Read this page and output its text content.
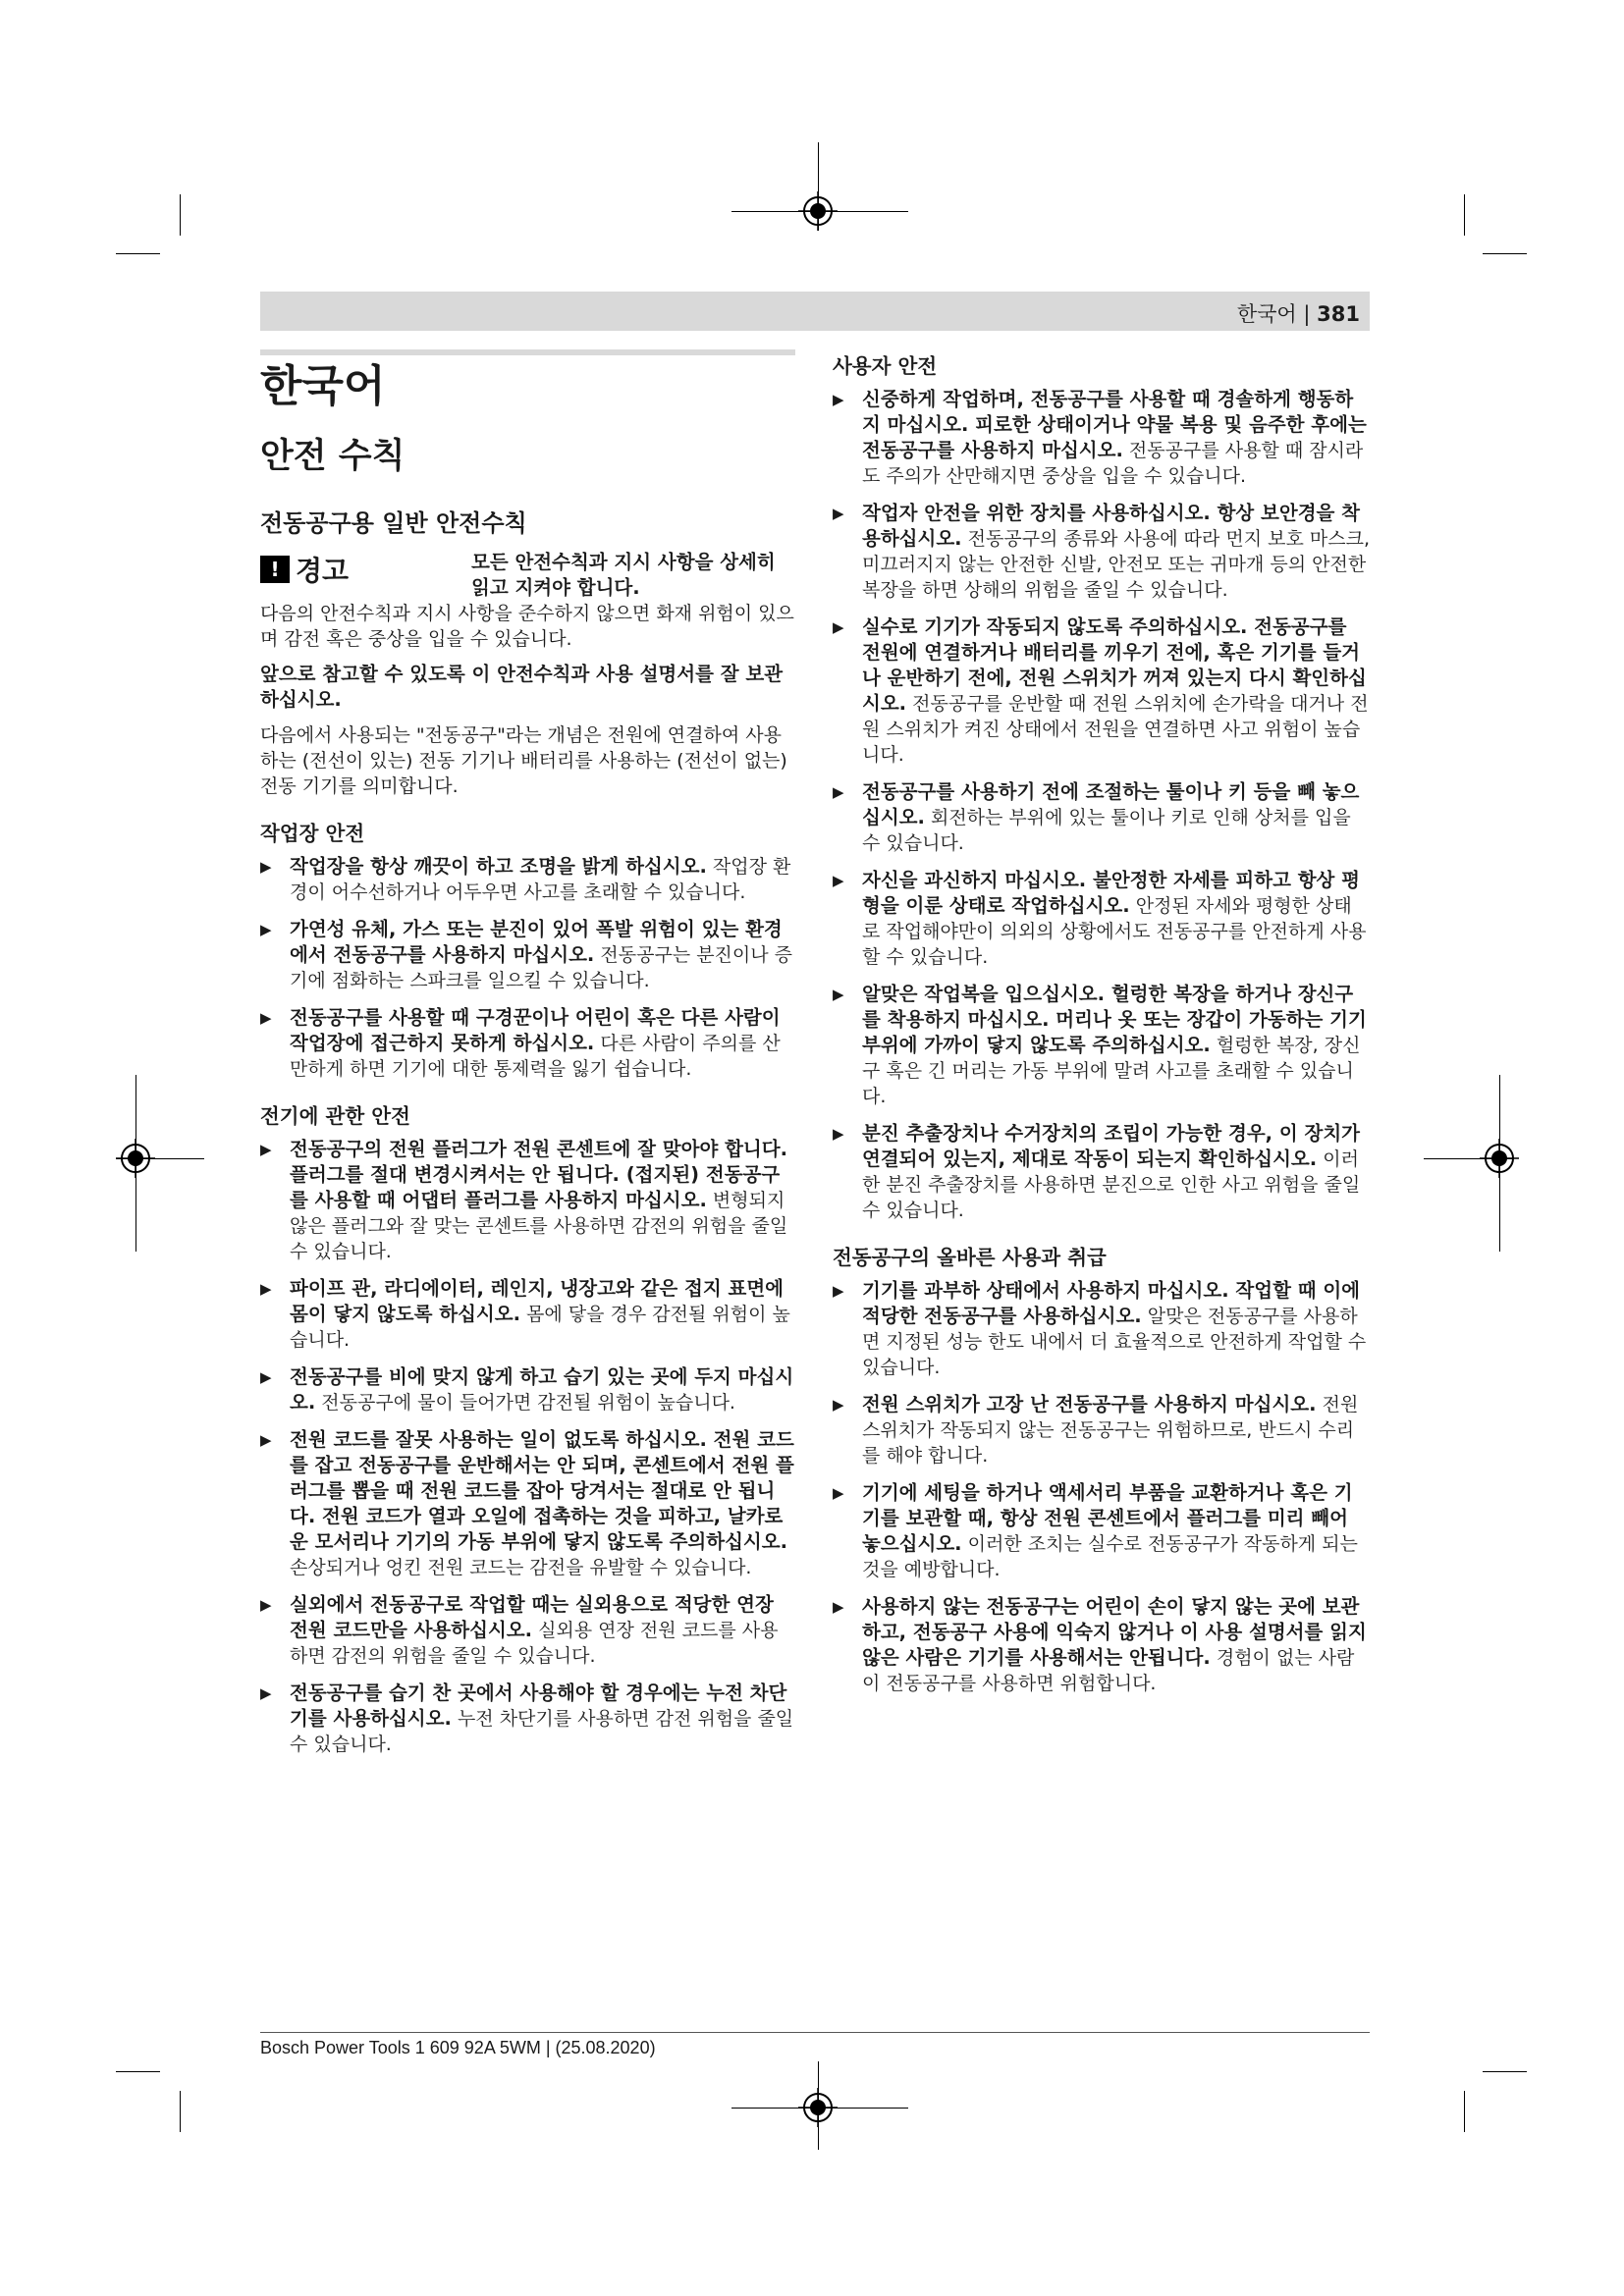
한국어 | 381
한국어
안전 수칙
전동공구용 일반 안전수칙
! 경고	모든 안전수칙과 지시 사항을 상세히 읽고 지켜야 합니다.

다음의 안전수칙과 지시 사항을 준수하지 않으면 화재 위험이 있으며 감전 혹은 중상을 입을 수 있습니다.

앞으로 참고할 수 있도록 이 안전수칙과 사용 설명서를 잘 보관하십시오.

다음에서 사용되는 "전동공구"라는 개념은 전원에 연결하여 사용하는 (전선이 있는) 전동 기기나 배터리를 사용하는 (전선이 없는) 전동 기기를 의미합니다.

작업장 안전
▶ 작업장을 항상 깨끗이 하고 조명을 밝게 하십시오. 작업장 환경이 어수선하거나 어두우면 사고를 초래할 수 있습니다.
▶ 가연성 유체, 가스 또는 분진이 있어 폭발 위험이 있는 환경에서 전동공구를 사용하지 마십시오. 전동공구는 분진이나 증기에 점화하는 스파크를 일으킬 수 있습니다.
▶ 전동공구를 사용할 때 구경꾼이나 어린이 혹은 다른 사람이 작업장에 접근하지 못하게 하십시오. 다른 사람이 주의를 산만하게 하면 기기에 대한 통제력을 잃기 쉽습니다.
전기에 관한 안전
▶ 전동공구의 전원 플러그가 전원 콘센트에 잘 맞아야 합니다. 플러그를 절대 변경시켜서는 안 됩니다. (접지된) 전동공구를 사용할 때 어댑터 플러그를 사용하지 마십시오. 변형되지 않은 플러그와 잘 맞는 콘센트를 사용하면 감전의 위험을 줄일 수 있습니다.
▶ 파이프 관, 라디에이터, 레인지, 냉장고와 같은 접지 표면에 몸이 닿지 않도록 하십시오. 몸에 닿을 경우 감전될 위험이 높습니다.
▶ 전동공구를 비에 맞지 않게 하고 습기 있는 곳에 두지 마십시오. 전동공구에 물이 들어가면 감전될 위험이 높습니다.
▶ 전원 코드를 잘못 사용하는 일이 없도록 하십시오. 전원 코드를 잡고 전동공구를 운반해서는 안 되며, 콘센트에서 전원 플러그를 뽑을 때 전원 코드를 잡아 당겨서는 절대로 안 됩니다. 전원 코드가 열과 오일에 접촉하는 것을 피하고, 날카로운 모서리나 기기의 가동 부위에 닿지 않도록 주의하십시오. 손상되거나 엉킨 전원 코드는 감전을 유발할 수 있습니다.
▶ 실외에서 전동공구로 작업할 때는 실외용으로 적당한 연장 전원 코드만을 사용하십시오. 실외용 연장 전원 코드를 사용하면 감전의 위험을 줄일 수 있습니다.
▶ 전동공구를 습기 찬 곳에서 사용해야 할 경우에는 누전 차단기를 사용하십시오. 누전 차단기를 사용하면 감전 위험을 줄일 수 있습니다.
사용자 안전
▶ 신중하게 작업하며, 전동공구를 사용할 때 경솔하게 행동하지 마십시오. 피로한 상태이거나 약물 복용 및 음주한 후에는 전동공구를 사용하지 마십시오. 전동공구를 사용할 때 잠시라도 주의가 산만해지면 중상을 입을 수 있습니다.
▶ 작업자 안전을 위한 장치를 사용하십시오. 항상 보안경을 착용하십시오. 전동공구의 종류와 사용에 따라 먼지 보호 마스크, 미끄러지지 않는 안전한 신발, 안전모 또는 귀마개 등의 안전한 복장을 하면 상해의 위험을 줄일 수 있습니다.
▶ 실수로 기기가 작동되지 않도록 주의하십시오. 전동공구를 전원에 연결하거나 배터리를 끼우기 전에, 혹은 기기를 들거나 운반하기 전에, 전원 스위치가 꺼져 있는지 다시 확인하십시오. 전동공구를 운반할 때 전원 스위치에 손가락을 대거나 전원 스위치가 켜진 상태에서 전원을 연결하면 사고 위험이 높습니다.
▶ 전동공구를 사용하기 전에 조절하는 툴이나 키 등을 빼 놓으십시오. 회전하는 부위에 있는 툴이나 키로 인해 상처를 입을 수 있습니다.
▶ 자신을 과신하지 마십시오. 불안정한 자세를 피하고 항상 평형을 이룬 상태로 작업하십시오. 안정된 자세와 평형한 상태로 작업해야만이 의외의 상황에서도 전동공구를 안전하게 사용할 수 있습니다.
▶ 알맞은 작업복을 입으십시오. 헐렁한 복장을 하거나 장신구를 착용하지 마십시오. 머리나 옷 또는 장갑이 가동하는 기기 부위에 가까이 닿지 않도록 주의하십시오. 헐렁한 복장, 장신구 혹은 긴 머리는 가동 부위에 말려 사고를 초래할 수 있습니다.
▶ 분진 추출장치나 수거장치의 조립이 가능한 경우, 이 장치가 연결되어 있는지, 제대로 작동이 되는지 확인하십시오. 이러한 분진 추출장치를 사용하면 분진으로 인한 사고 위험을 줄일 수 있습니다.
전동공구의 올바른 사용과 취급
▶ 기기를 과부하 상태에서 사용하지 마십시오. 작업할 때 이에 적당한 전동공구를 사용하십시오. 알맞은 전동공구를 사용하면 지정된 성능 한도 내에서 더 효율적으로 안전하게 작업할 수 있습니다.
▶ 전원 스위치가 고장 난 전동공구를 사용하지 마십시오. 전원 스위치가 작동되지 않는 전동공구는 위험하므로, 반드시 수리를 해야 합니다.
▶ 기기에 세팅을 하거나 액세서리 부품을 교환하거나 혹은 기기를 보관할 때, 항상 전원 콘센트에서 플러그를 미리 빼어 놓으십시오. 이러한 조치는 실수로 전동공구가 작동하게 되는 것을 예방합니다.
▶ 사용하지 않는 전동공구는 어린이 손이 닿지 않는 곳에 보관하고, 전동공구 사용에 익숙지 않거나 이 사용 설명서를 읽지 않은 사람은 기기를 사용해서는 안됩니다. 경험이 없는 사람이 전동공구를 사용하면 위험합니다.
Bosch Power Tools 1 609 92A 5WM | (25.08.2020)
